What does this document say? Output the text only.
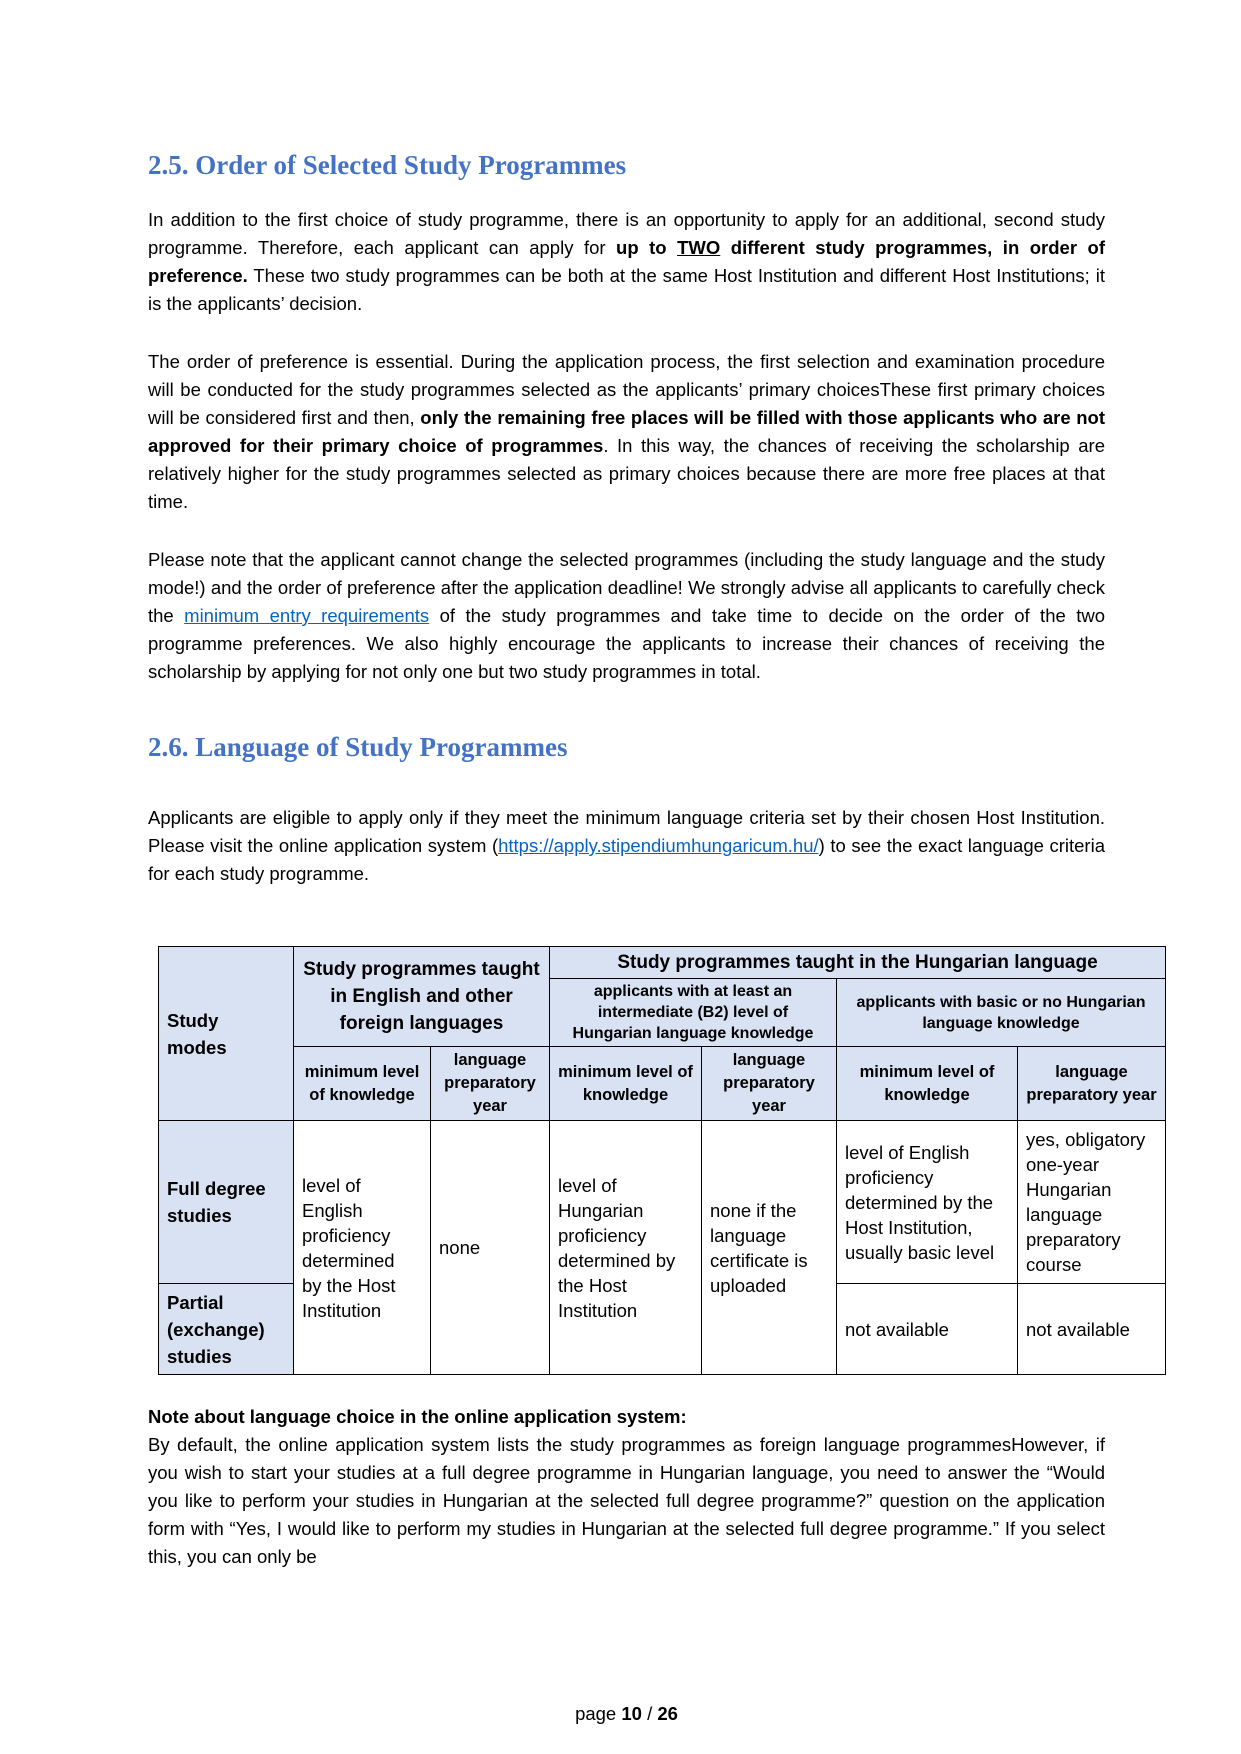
2.5. Order of Selected Study Programmes

In addition to the first choice of study programme, there is an opportunity to apply for an additional, second study programme. Therefore, each applicant can apply for up to TWO different study programmes, in order of preference. These two study programmes can be both at the same Host Institution and different Host Institutions; it is the applicants’ decision.

The order of preference is essential. During the application process, the first selection and examination procedure will be conducted for the study programmes selected as the applicants’ primary choicesThese first primary choices will be considered first and then, only the remaining free places will be filled with those applicants who are not approved for their primary choice of programmes. In this way, the chances of receiving the scholarship are relatively higher for the study programmes selected as primary choices because there are more free places at that time.

Please note that the applicant cannot change the selected programmes (including the study language and the study mode!) and the order of preference after the application deadline! We strongly advise all applicants to carefully check the minimum entry requirements of the study programmes and take time to decide on the order of the two programme preferences. We also highly encourage the applicants to increase their chances of receiving the scholarship by applying for not only one but two study programmes in total.

2.6. Language of Study Programmes

Applicants are eligible to apply only if they meet the minimum language criteria set by their chosen Host Institution. Please visit the online application system (https://apply.stipendiumhungaricum.hu/) to see the exact language criteria for each study programme.

Study modes	Study programmes taught in English and other foreign languages		Study programmes taught in the Hungarian language			
			applicants with at least an intermediate (B2) level of Hungarian language knowledge		applicants with basic or no Hungarian language knowledge	
	minimum level of knowledge	language preparatory year	minimum level of knowledge	language preparatory year	minimum level of knowledge	language preparatory year
Full degree studies	level of English proficiency determined by the Host Institution	none	level of Hungarian proficiency determined by the Host Institution	none if the language certificate is uploaded	level of English proficiency determined by the Host Institution, usually basic level	yes, obligatory one-year Hungarian language preparatory course
Partial (exchange) studies					not available	not available

Note about language choice in the online application system:

By default, the online application system lists the study programmes as foreign language programmesHowever, if you wish to start your studies at a full degree programme in Hungarian language, you need to answer the “Would you like to perform your studies in Hungarian at the selected full degree programme?” question on the application form with “Yes, I would like to perform my studies in Hungarian at the selected full degree programme.” If you select this, you can only be

page 10 / 26
